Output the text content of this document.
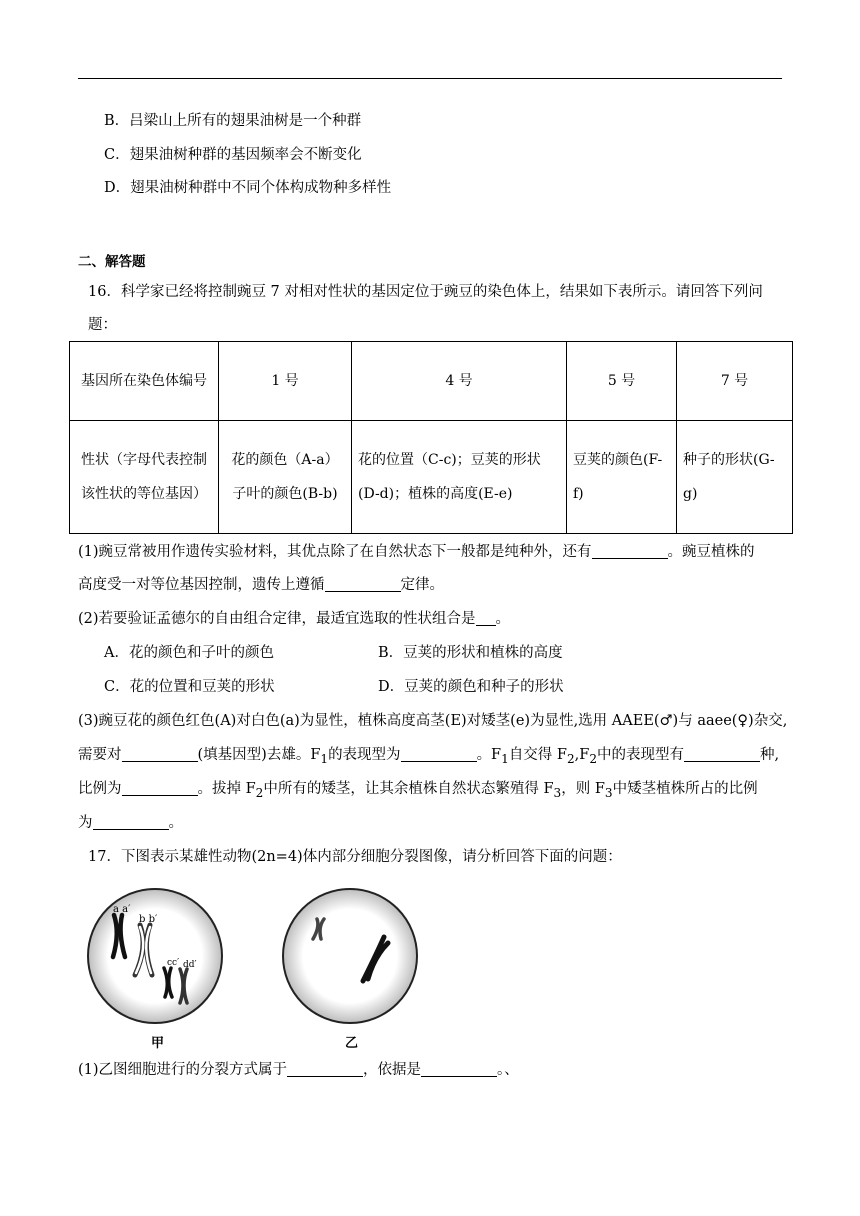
B．吕梁山上所有的翅果油树是一个种群
C．翅果油树种群的基因频率会不断变化
D．翅果油树种群中不同个体构成物种多样性
二、解答题
16．科学家已经将控制豌豆 7 对相对性状的基因定位于豌豆的染色体上，结果如下表所示。请回答下列问
题：
基因所在染色体编号	1 号	4 号	5 号	7 号
性状（字母代表控制该性状的等位基因）	花的颜色（A-a）子叶的颜色(B-b)	花的位置（C-c)；豆荚的形状(D-d)；植株的高度(E-e)	豆荚的颜色(F-f)	种子的形状(G-g)
(1)豌豆常被用作遗传实验材料，其优点除了在自然状态下一般都是纯种外，还有	。豌豆植株的
高度受一对等位基因控制，遗传上遵循	定律。
(2)若要验证孟德尔的自由组合定律，最适宜选取的性状组合是 。
A．花的颜色和子叶的颜色	B．豆荚的形状和植株的高度
C．花的位置和豆荚的形状	D．豆荚的颜色和种子的形状
(3)豌豆花的颜色红色(A)对白色(a)为显性，植株高度高茎(E)对矮茎(e)为显性,选用 AAEE(♂)与 aaee(♀)杂交,
需要对	(填基因型)去雄。$F_1$的表现型为	。$F_1$自交得 $F_2,F_2$中的表现型有	种,
比例为	。拔掉 $F_2$中所有的矮茎，让其余植株自然状态繁殖得 $F_3$，则 $F_3$中矮茎植株所占的比例
为	。
17．下图表示某雄性动物(2n=4)体内部分细胞分裂图像，请分析回答下面的问题：
a a′
b b′
cc′ dd′
甲	乙
(1)乙图细胞进行的分裂方式属于	，依据是	。、
